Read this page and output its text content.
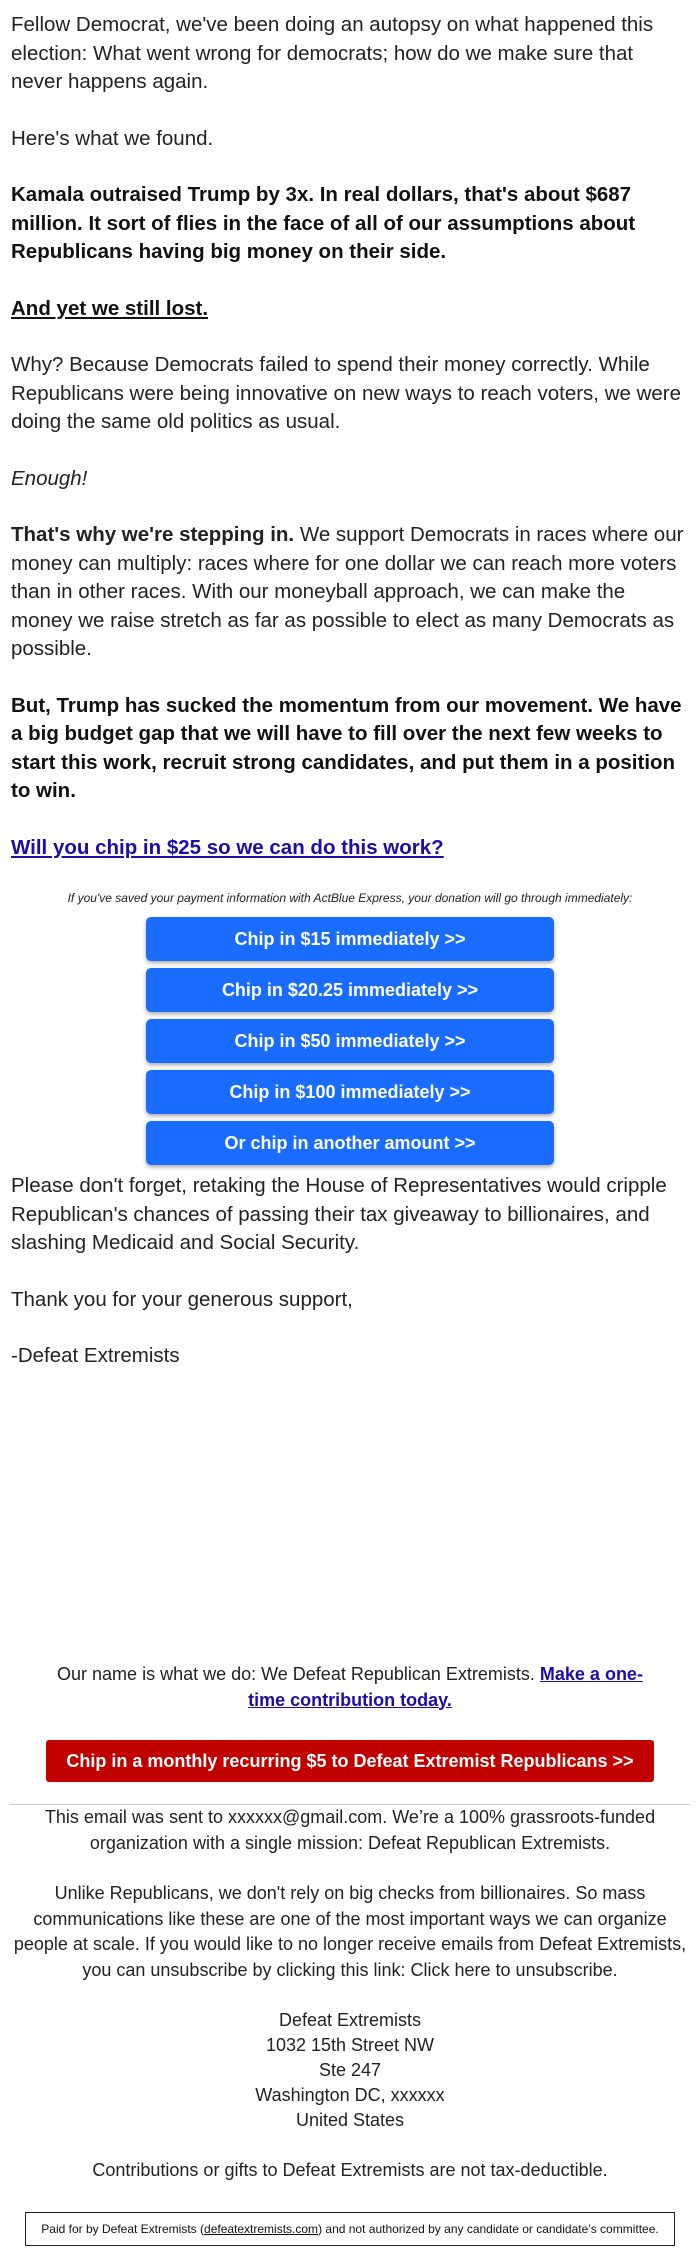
Fellow Democrat, we've been doing an autopsy on what happened this election: What went wrong for democrats; how do we make sure that never happens again.

Here's what we found.

Kamala outraised Trump by 3x. In real dollars, that's about $687 million. It sort of flies in the face of all of our assumptions about Republicans having big money on their side.

And yet we still lost.

Why? Because Democrats failed to spend their money correctly. While Republicans were being innovative on new ways to reach voters, we were doing the same old politics as usual.

Enough!

That's why we're stepping in. We support Democrats in races where our money can multiply: races where for one dollar we can reach more voters than in other races. With our moneyball approach, we can make the money we raise stretch as far as possible to elect as many Democrats as possible.

But, Trump has sucked the momentum from our movement. We have a big budget gap that we will have to fill over the next few weeks to start this work, recruit strong candidates, and put them in a position to win.

Will you chip in $25 so we can do this work?

If you've saved your payment information with ActBlue Express, your donation will go through immediately:

Chip in $15 immediately >>
Chip in $20.25 immediately >>
Chip in $50 immediately >>
Chip in $100 immediately >>
Or chip in another amount >>

Please don't forget, retaking the House of Representatives would cripple Republican's chances of passing their tax giveaway to billionaires, and slashing Medicaid and Social Security.

Thank you for your generous support,

-Defeat Extremists

Our name is what we do: We Defeat Republican Extremists. Make a one-time contribution today.

Chip in a monthly recurring $5 to Defeat Extremist Republicans >>

This email was sent to xxxxxx@gmail.com. We’re a 100% grassroots-funded organization with a single mission: Defeat Republican Extremists.

Unlike Republicans, we don't rely on big checks from billionaires. So mass communications like these are one of the most important ways we can organize people at scale. If you would like to no longer receive emails from Defeat Extremists, you can unsubscribe by clicking this link: Click here to unsubscribe.

Defeat Extremists

1032 15th Street NW

Ste 247

Washington DC, xxxxxx

United States

Contributions or gifts to Defeat Extremists are not tax-deductible.

Paid for by Defeat Extremists (defeatextremists.com) and not authorized by any candidate or candidate’s committee.
